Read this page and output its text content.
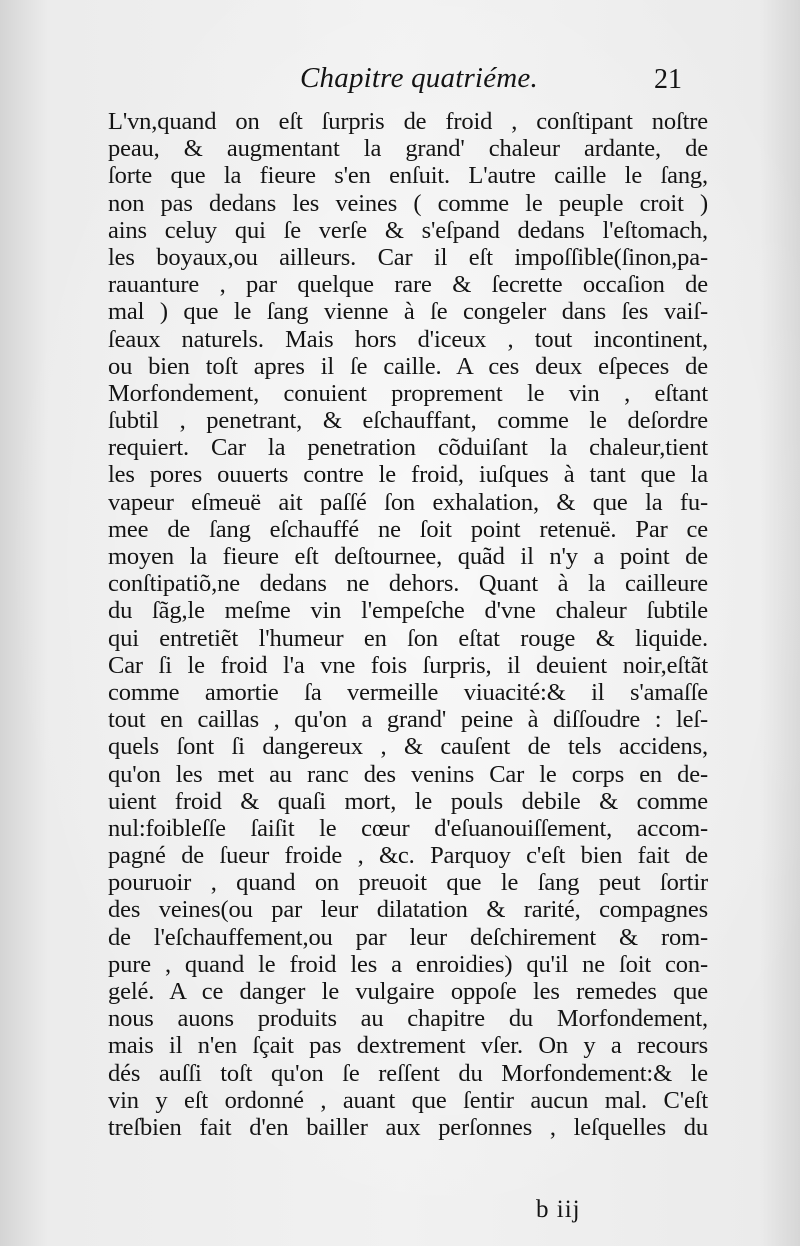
Chapitre quatriéme.	21
L'vn,quand on eſt ſurpris de froid , conſtipant noſtre
peau, & augmentant la grand' chaleur ardante, de
ſorte que la fieure s'en enſuit. L'autre caille le ſang,
non pas dedans les veines ( comme le peuple croit )
ains celuy qui ſe verſe & s'eſpand dedans l'eſtomach,
les boyaux,ou ailleurs. Car il eſt impoſſible(ſinon,pa-
rauanture , par quelque rare & ſecrette occaſion de
mal ) que le ſang vienne à ſe congeler dans ſes vaiſ-
ſeaux naturels. Mais hors d'iceux , tout incontinent,
ou bien toſt apres il ſe caille. A ces deux eſpeces de
Morfondement, conuient proprement le vin , eſtant
ſubtil , penetrant, & eſchauffant, comme le deſordre
requiert. Car la penetration cõduiſant la chaleur,tient
les pores ouuerts contre le froid, iuſques à tant que la
vapeur eſmeuë ait paſſé ſon exhalation, & que la fu-
mee de ſang eſchauffé ne ſoit point retenuë. Par ce
moyen la fieure eſt deſtournee, quãd il n'y a point de
conſtipatiõ,ne dedans ne dehors. Quant à la cailleure
du ſãg,le meſme vin l'empeſche d'vne chaleur ſubtile
qui entretiẽt l'humeur en ſon eſtat rouge & liquide.
Car ſi le froid l'a vne fois ſurpris, il deuient noir,eſtãt
comme amortie ſa vermeille viuacité:& il s'amaſſe
tout en caillas , qu'on a grand' peine à diſſoudre : leſ-
quels ſont ſi dangereux , & cauſent de tels accidens,
qu'on les met au ranc des venins Car le corps en de-
uient froid & quaſi mort, le pouls debile & comme
nul:foibleſſe ſaiſit le cœur d'eſuanouiſſement, accom-
pagné de ſueur froide , &c. Parquoy c'eſt bien fait de
pouruoir , quand on preuoit que le ſang peut ſortir
des veines(ou par leur dilatation & rarité, compagnes
de l'eſchauffement,ou par leur deſchirement & rom-
pure , quand le froid les a enroidies) qu'il ne ſoit con-
gelé. A ce danger le vulgaire oppoſe les remedes que
nous auons produits au chapitre du Morfondement,
mais il n'en ſçait pas dextrement vſer. On y a recours
dés auſſi toſt qu'on ſe reſſent du Morfondement:& le
vin y eſt ordonné , auant que ſentir aucun mal. C'eſt
treſbien fait d'en bailler aux perſonnes , leſquelles du
b iij
